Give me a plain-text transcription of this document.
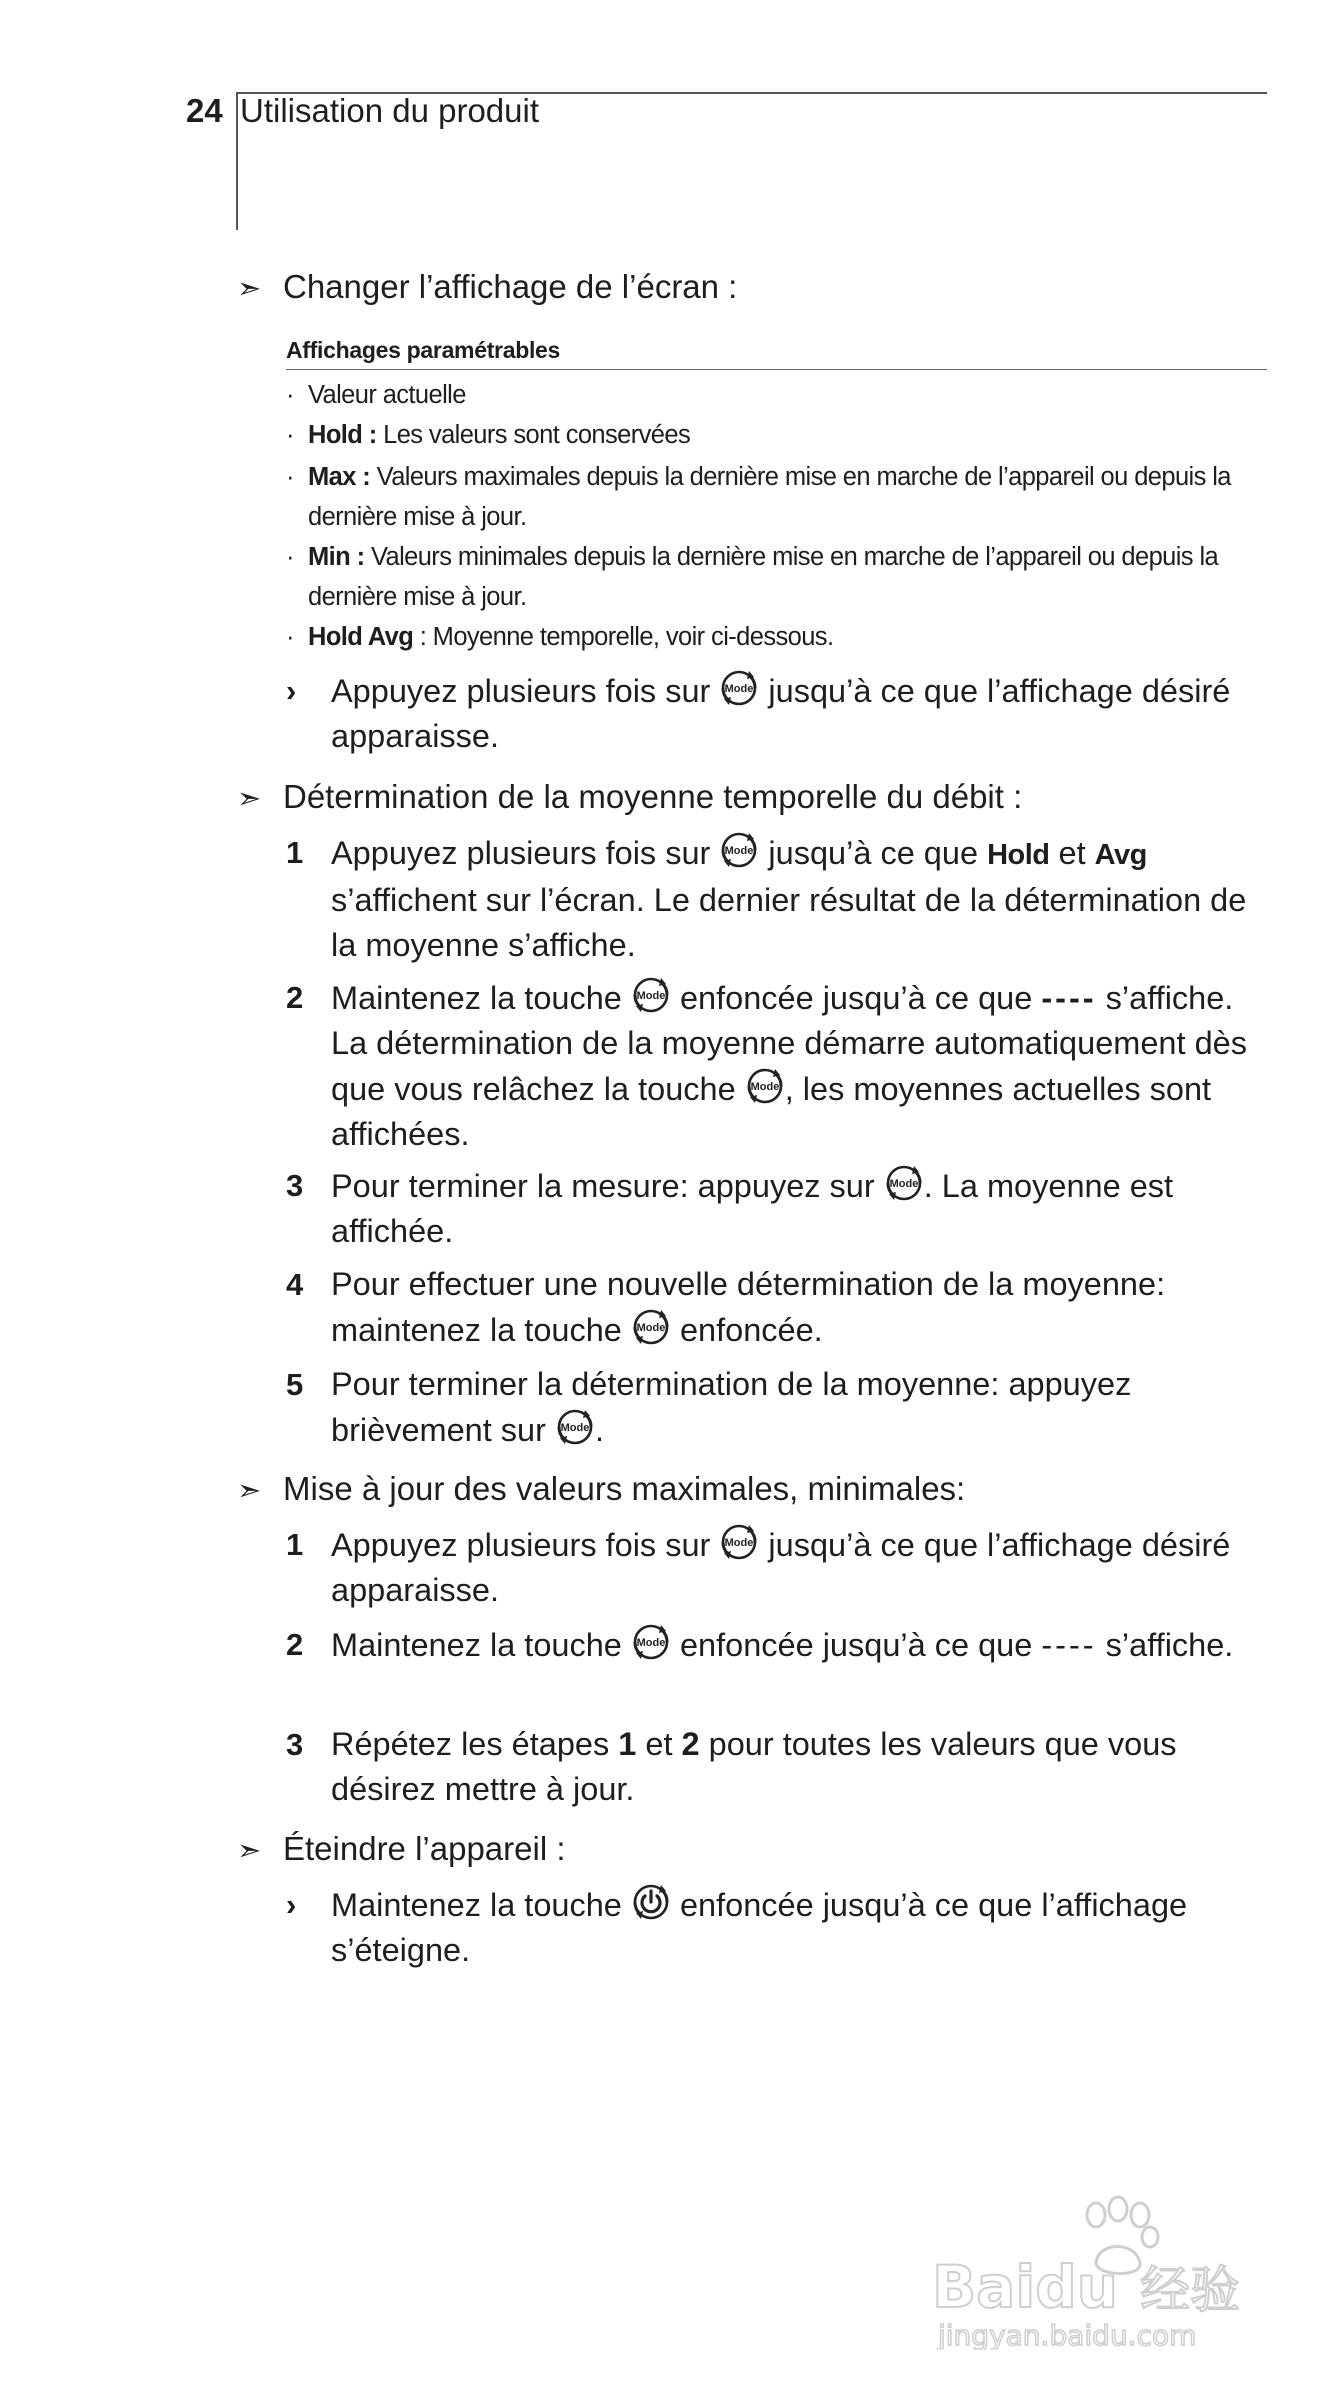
24 Utilisation du produit
➣ Changer l’affichage de l’écran :
Affichages paramétrables
· Valeur actuelle
· Hold : Les valeurs sont conservées
· Max : Valeurs maximales depuis la dernière mise en marche de l’appareil ou depuis la dernière mise à jour.
· Min : Valeurs minimales depuis la dernière mise en marche de l’appareil ou depuis la dernière mise à jour.
· Hold Avg : Moyenne temporelle, voir ci-dessous.
›	Appuyez plusieurs fois sur
jusqu’à ce que l’affichage désiré apparaisse.
➣ Détermination de la moyenne temporelle du débit :
1 Appuyez plusieurs fois sur
jusqu’à ce que Hold et Avg s’affichent sur l’écran. Le dernier résultat de la détermination de la moyenne s’affiche.
2 Maintenez la touche
enfoncée jusqu’à ce que ---- s’affiche. La détermination de la moyenne démarre automatiquement dès que vous relâchez la touche
, les moyennes actuelles sont affichées.
3 Pour terminer la mesure: appuyez sur
. La moyenne est affichée.
4 Pour effectuer une nouvelle détermination de la moyenne: maintenez la touche
enfoncée.
5 Pour terminer la détermination de la moyenne: appuyez brièvement sur
.
➣ Mise à jour des valeurs maximales, minimales:
1 Appuyez plusieurs fois sur
jusqu’à ce que l’affichage désiré apparaisse.
2 Maintenez la touche
enfoncée jusqu’à ce que ---- s’affiche.
3 Répétez les étapes 1 et 2 pour toutes les valeurs que vous désirez mettre à jour.
➣ Éteindre l’appareil :
›	Maintenez la touche
enfoncée jusqu’à ce que l’affichage s’éteigne.
Baidu 经验
jingyan.baidu.com
